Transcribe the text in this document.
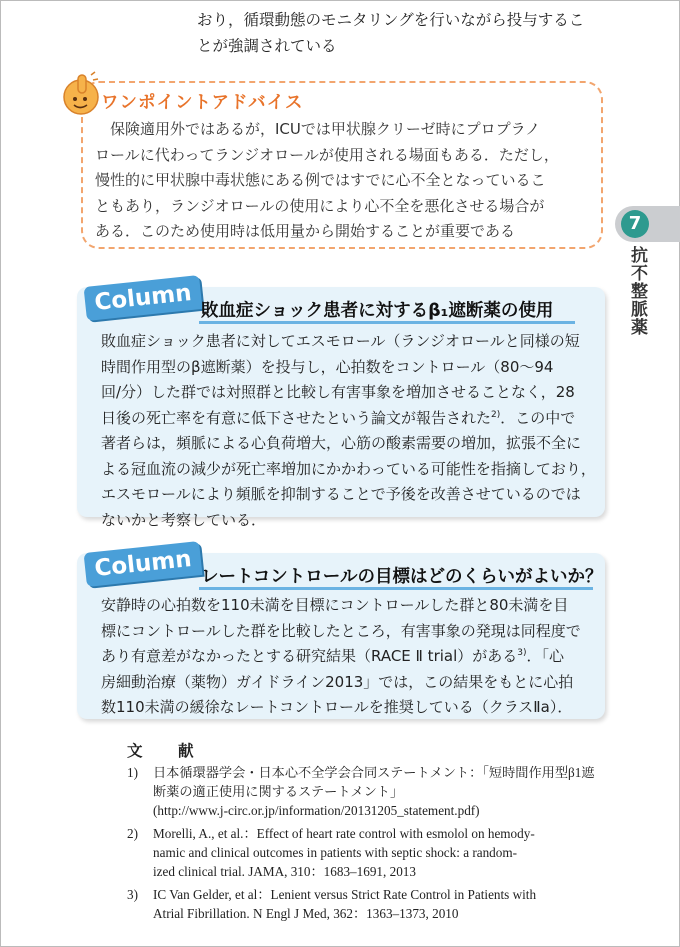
おり，循環動態のモニタリングを行いながら投与するこ
とが強調されている
ワンポイントアドバイス
　保険適用外ではあるが，ICUでは甲状腺クリーゼ時にプロプラノ
ロールに代わってランジオロールが使用される場面もある．ただし，
慢性的に甲状腺中毒状態にある例ではすでに心不全となっているこ
ともあり，ランジオロールの使用により心不全を悪化させる場合が
ある．このため使用時は低用量から開始することが重要である	7
抗不整脈薬
Column 敗血症ショック患者に対するβ₁遮断薬の使用
敗血症ショック患者に対してエスモロール（ランジオロールと同様の短
時間作用型のβ遮断薬）を投与し，心拍数をコントロール（80〜94
回/分）した群では対照群と比較し有害事象を増加させることなく，28
日後の死亡率を有意に低下させたという論文が報告された$^{2)}$．この中で
著者らは，頻脈による心負荷増大，心筋の酸素需要の増加，拡張不全に
よる冠血流の減少が死亡率増加にかかわっている可能性を指摘しており，
エスモロールにより頻脈を抑制することで予後を改善させているのでは
ないかと考察している．
Column レートコントロールの目標はどのくらいがよいか？
安静時の心拍数を110未満を目標にコントロールした群と80未満を目
標にコントロールした群を比較したところ，有害事象の発現は同程度で
あり有意差がなかったとする研究結果（RACE Ⅱ trial）がある$^{3)}$．「心
房細動治療（薬物）ガイドライン2013」では，この結果をもとに心拍
数110未満の緩徐なレートコントロールを推奨している（クラスⅡa）．
文　献
1) 日本循環器学会・日本心不全学会合同ステートメント：「短時間作用型β1遮
断薬の適正使用に関するステートメント」
(http://www.j-circ.or.jp/information/20131205_statement.pdf)
2) Morelli, A., et al.：Effect of heart rate control with esmolol on hemody-
namic and clinical outcomes in patients with septic shock: a random-
ized clinical trial. JAMA, 310：1683–1691, 2013
3) IC Van Gelder, et al：Lenient versus Strict Rate Control in Patients with
Atrial Fibrillation. N Engl J Med, 362：1363–1373, 2010
